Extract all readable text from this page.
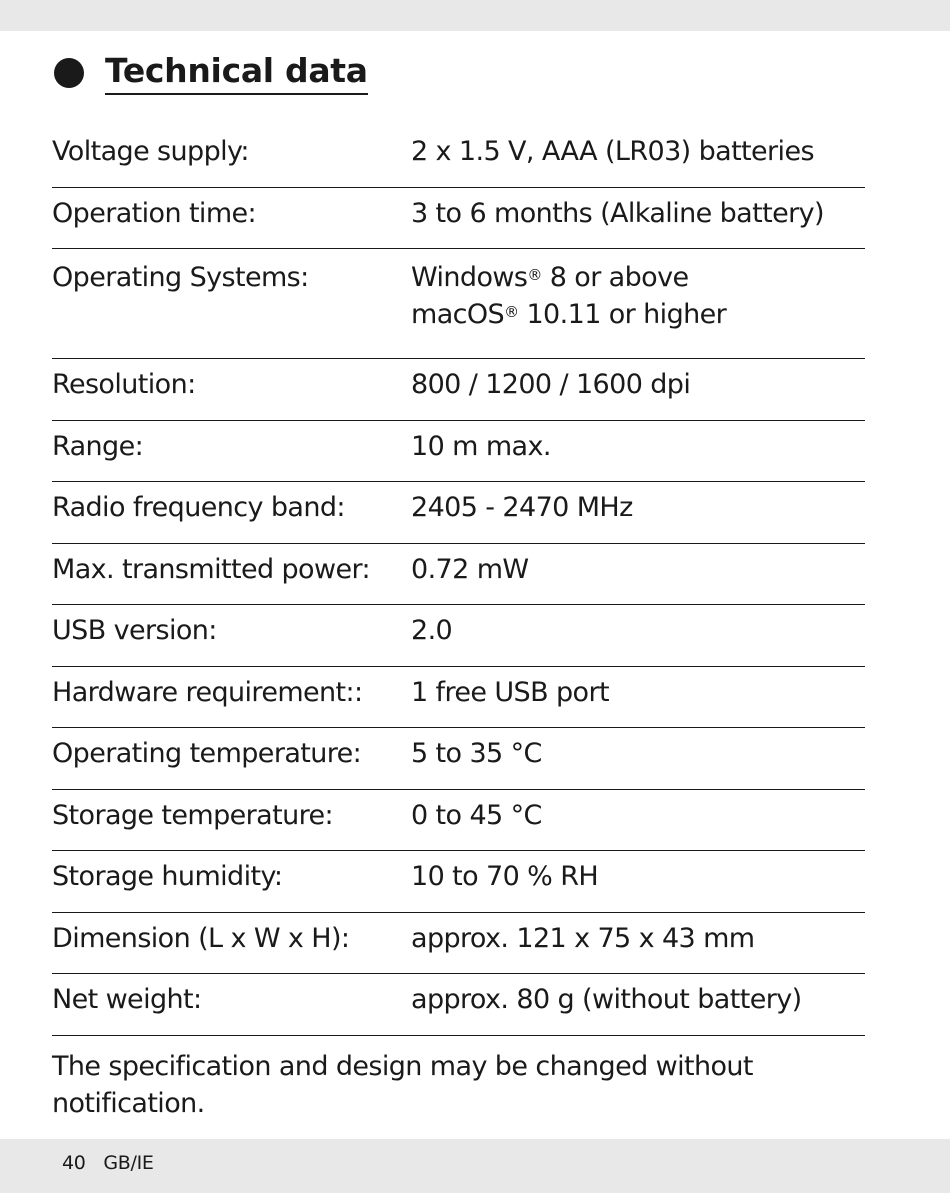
Technical data
Voltage supply:	2 x 1.5 V, AAA (LR03) batteries
Operation time:	3 to 6 months (Alkaline battery)
Operating Systems:	Windows® 8 or above
macOS® 10.11 or higher
Resolution:	800 / 1200 / 1600 dpi
Range:	10 m max.
Radio frequency band:	2405 - 2470 MHz
Max. transmitted power:	0.72 mW
USB version:	2.0
Hardware requirement::	1 free USB port
Operating temperature:	5 to 35 °C
Storage temperature:	0 to 45 °C
Storage humidity:	10 to 70 % RH
Dimension (L x W x H):	approx. 121 x 75 x 43 mm
Net weight:	approx. 80 g (without battery)
The specification and design may be changed without notification.
40 GB/IE
